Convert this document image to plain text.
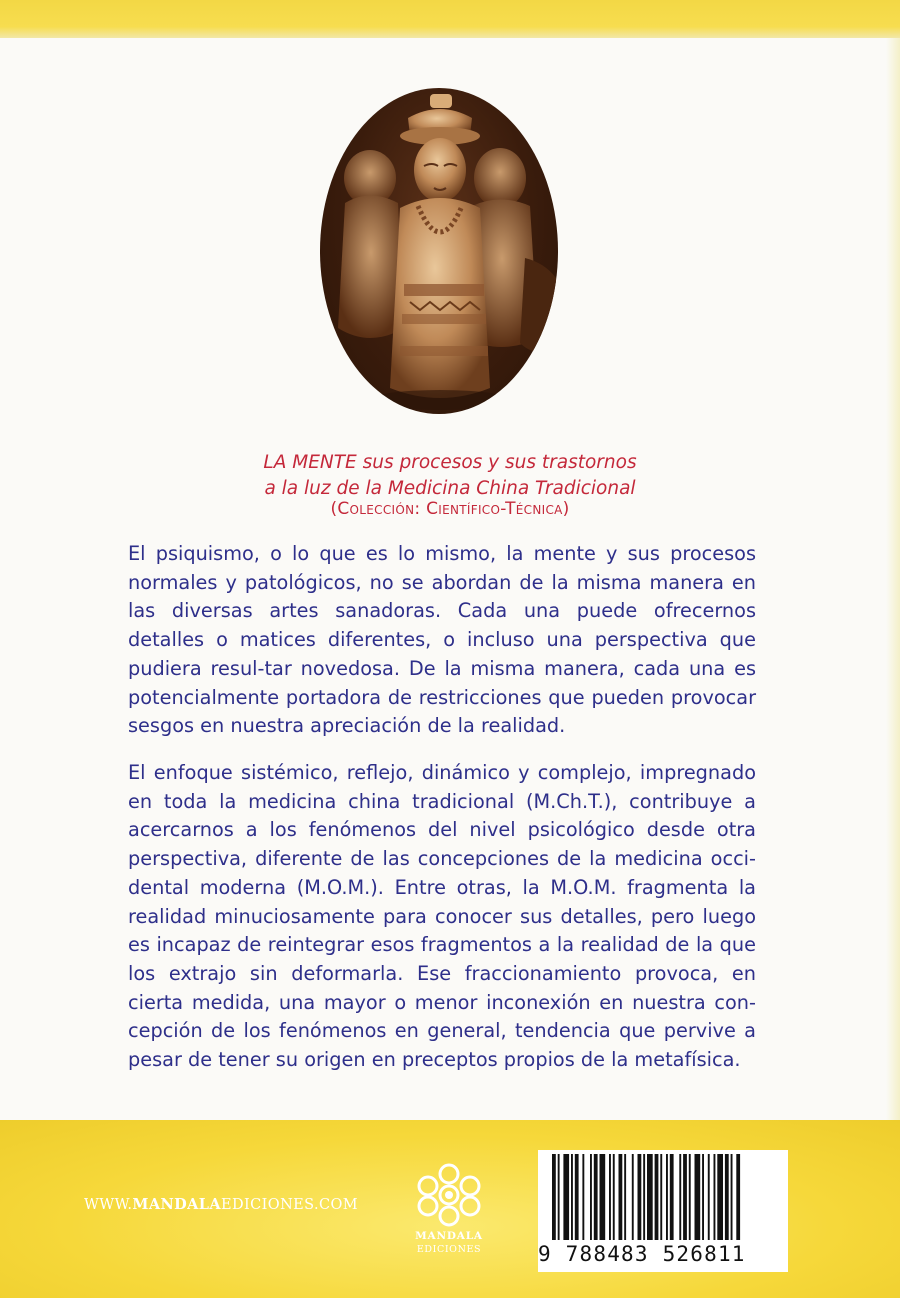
LA MENTE sus procesos y sus trastornos
a la luz de la Medicina China Tradicional
(Colección: Científico-Técnica)
El psiquismo, o lo que es lo mismo, la mente y sus procesos normales y patológicos, no se abordan de la misma manera en las diversas artes sanadoras. Cada una puede ofrecernos detalles o matices diferentes, o incluso una perspectiva que pudiera resul-tar novedosa. De la misma manera, cada una es potencialmente portadora de restricciones que pueden provocar sesgos en nuestra apreciación de la realidad.
El enfoque sistémico, reflejo, dinámico y complejo, impregnado en toda la medicina china tradicional (M.Ch.T.), contribuye a acercarnos a los fenómenos del nivel psicológico desde otra perspectiva, diferente de las concepciones de la medicina occi-dental moderna (M.O.M.). Entre otras, la M.O.M. fragmenta la realidad minuciosamente para conocer sus detalles, pero luego es incapaz de reintegrar esos fragmentos a la realidad de la que los extrajo sin deformarla. Ese fraccionamiento provoca, en cierta medida, una mayor o menor inconexión en nuestra con-cepción de los fenómenos en general, tendencia que pervive a pesar de tener su origen en preceptos propios de la metafísica.
WWW.MANDALAEDICIONES.COM
MANDALA
EDICIONES	9 788483 526811
